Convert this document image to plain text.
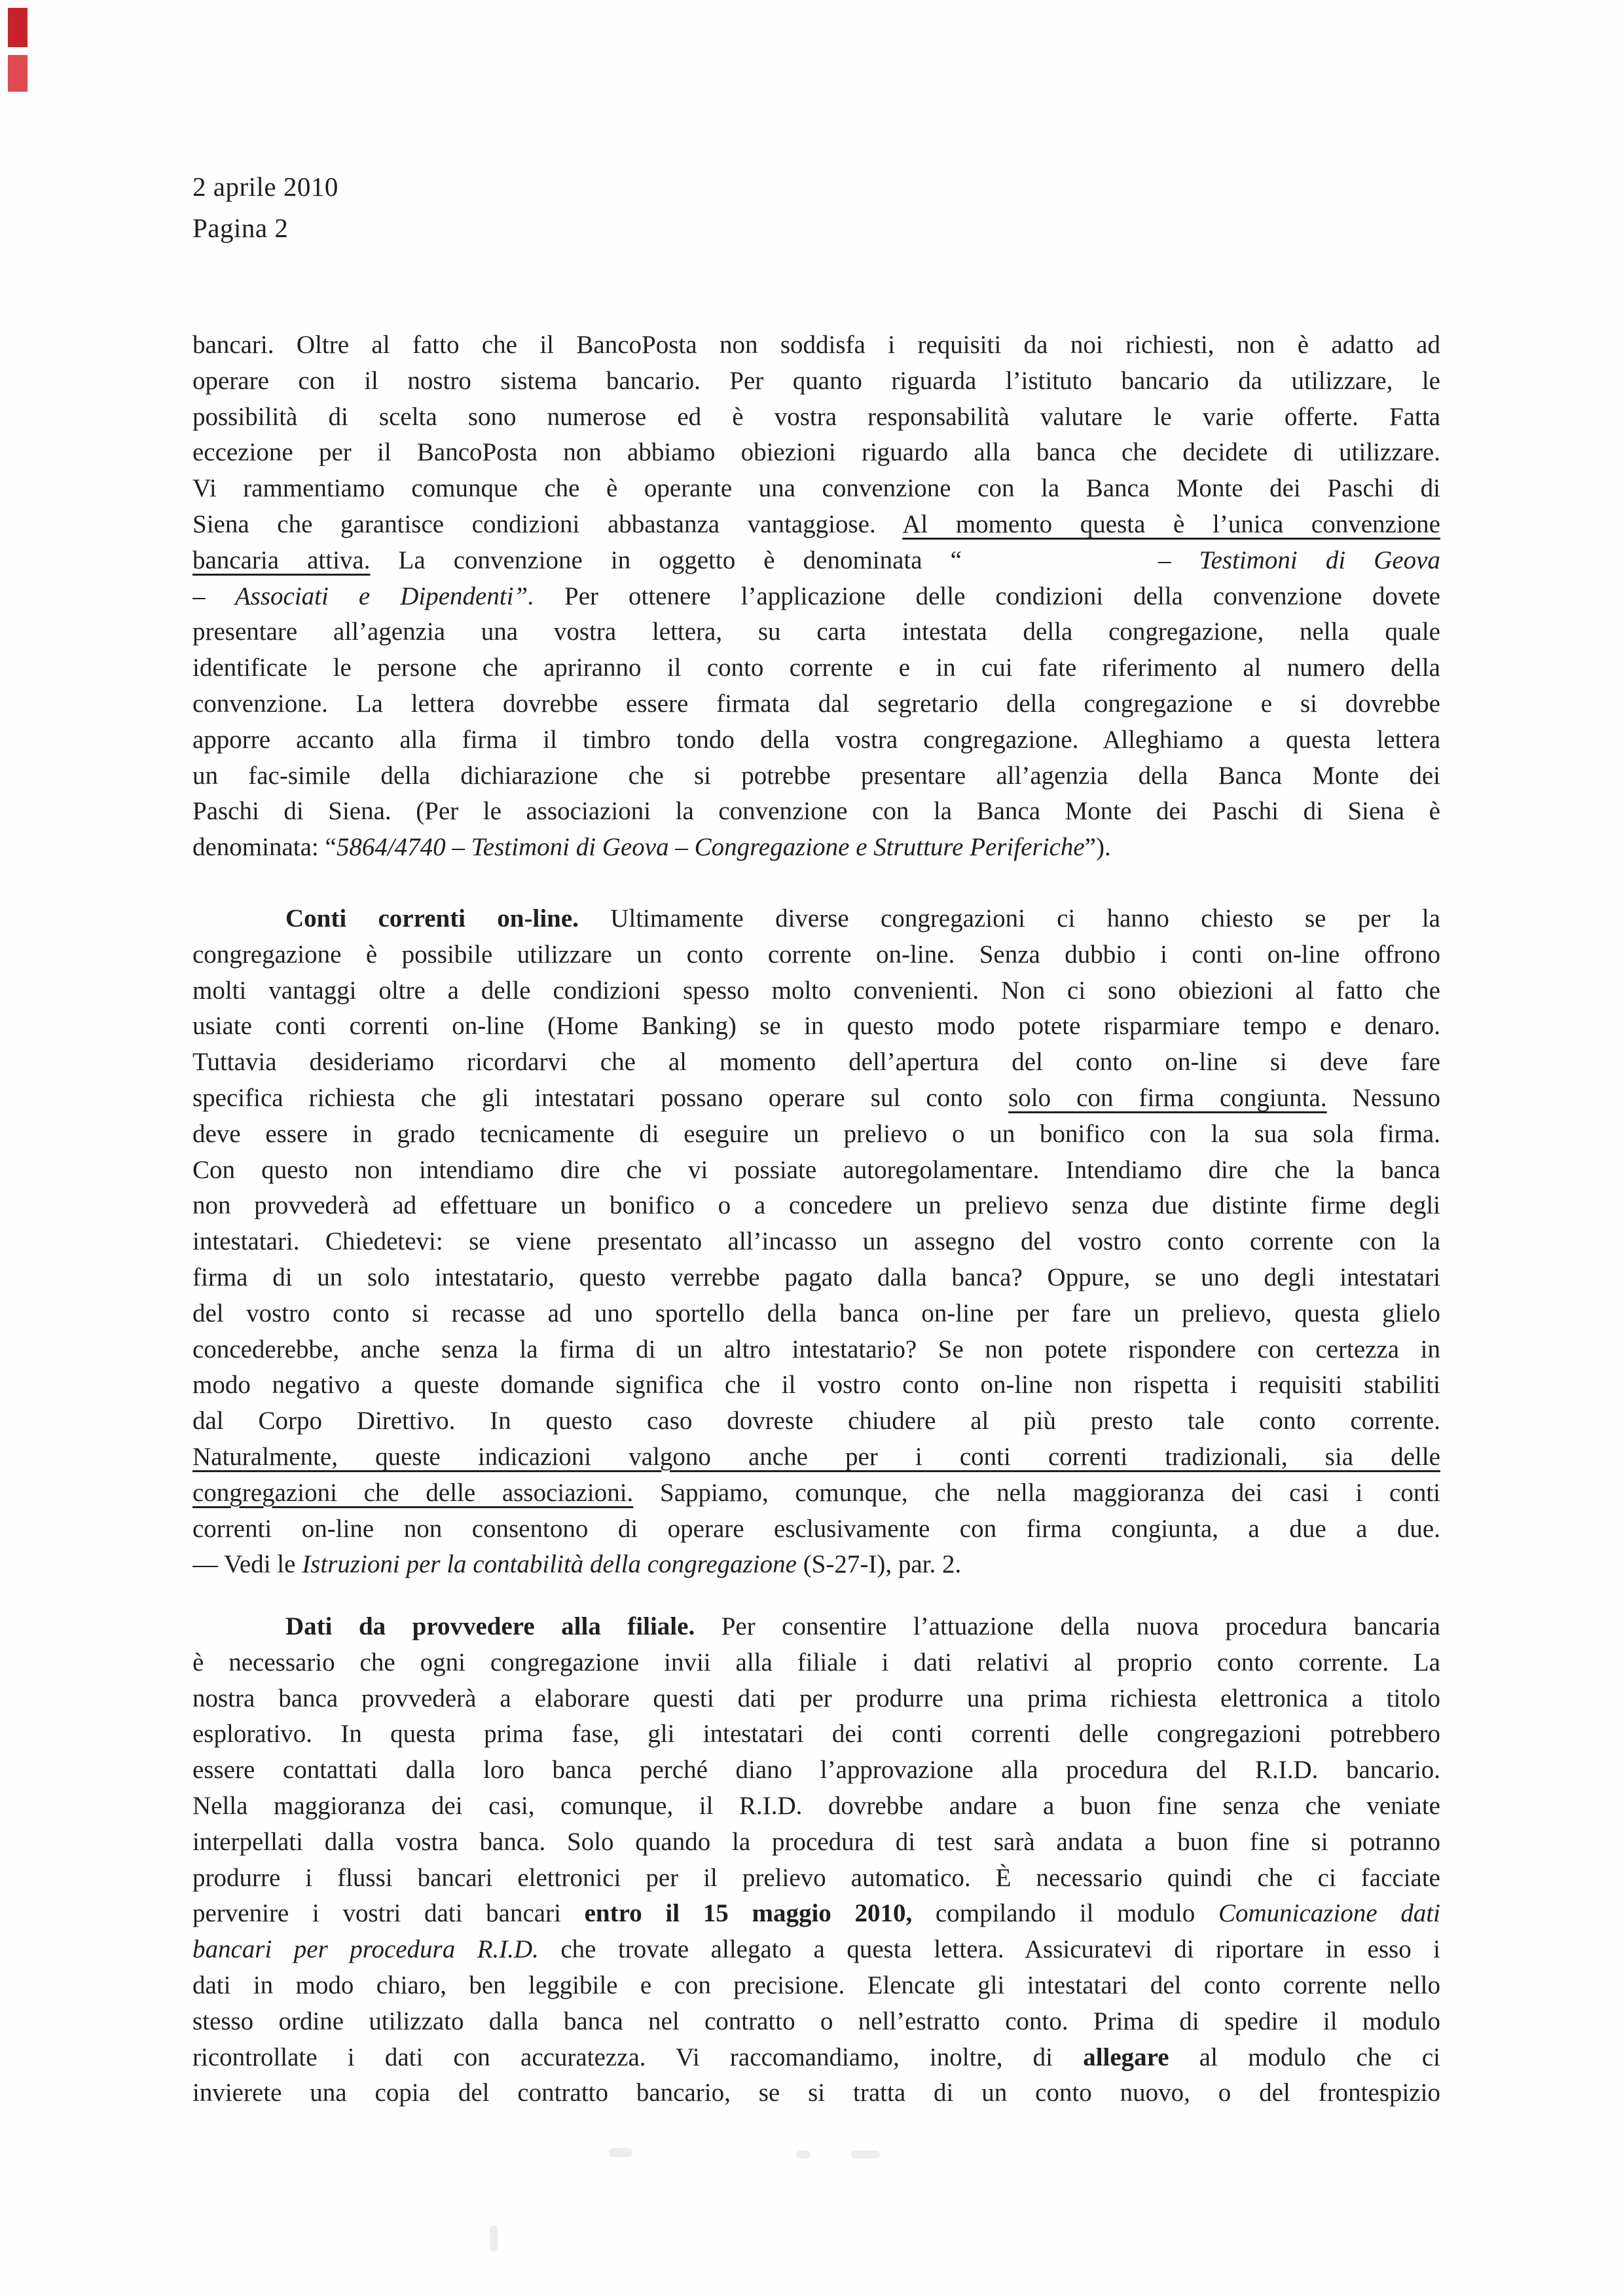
2 aprile 2010
Pagina 2
bancari. Oltre al fatto che il BancoPosta non soddisfa i requisiti da noi richiesti, non è adatto ad
operare con il nostro sistema bancario. Per quanto riguarda l’istituto bancario da utilizzare, le
possibilità di scelta sono numerose ed è vostra responsabilità valutare le varie offerte. Fatta
eccezione per il BancoPosta non abbiamo obiezioni riguardo alla banca che decidete di utilizzare.
Vi rammentiamo comunque che è operante una convenzione con la Banca Monte dei Paschi di
Siena che garantisce condizioni abbastanza vantaggiose. Al momento questa è l’unica convenzione
bancaria attiva. La convenzione in oggetto è denominata “	– Testimoni di Geova
– Associati e Dipendenti”. Per ottenere l’applicazione delle condizioni della convenzione dovete
presentare all’agenzia una vostra lettera, su carta intestata della congregazione, nella quale
identificate le persone che apriranno il conto corrente e in cui fate riferimento al numero della
convenzione. La lettera dovrebbe essere firmata dal segretario della congregazione e si dovrebbe
apporre accanto alla firma il timbro tondo della vostra congregazione. Alleghiamo a questa lettera
un fac-simile della dichiarazione che si potrebbe presentare all’agenzia della Banca Monte dei
Paschi di Siena. (Per le associazioni la convenzione con la Banca Monte dei Paschi di Siena è
denominata: “5864/4740 – Testimoni di Geova – Congregazione e Strutture Periferiche”).
Conti correnti on-line. Ultimamente diverse congregazioni ci hanno chiesto se per la
congregazione è possibile utilizzare un conto corrente on-line. Senza dubbio i conti on-line offrono
molti vantaggi oltre a delle condizioni spesso molto convenienti. Non ci sono obiezioni al fatto che
usiate conti correnti on-line (Home Banking) se in questo modo potete risparmiare tempo e denaro.
Tuttavia desideriamo ricordarvi che al momento dell’apertura del conto on-line si deve fare
specifica richiesta che gli intestatari possano operare sul conto solo con firma congiunta. Nessuno
deve essere in grado tecnicamente di eseguire un prelievo o un bonifico con la sua sola firma.
Con questo non intendiamo dire che vi possiate autoregolamentare. Intendiamo dire che la banca
non provvederà ad effettuare un bonifico o a concedere un prelievo senza due distinte firme degli
intestatari. Chiedetevi: se viene presentato all’incasso un assegno del vostro conto corrente con la
firma di un solo intestatario, questo verrebbe pagato dalla banca? Oppure, se uno degli intestatari
del vostro conto si recasse ad uno sportello della banca on-line per fare un prelievo, questa glielo
concederebbe, anche senza la firma di un altro intestatario? Se non potete rispondere con certezza in
modo negativo a queste domande significa che il vostro conto on-line non rispetta i requisiti stabiliti
dal Corpo Direttivo. In questo caso dovreste chiudere al più presto tale conto corrente.
Naturalmente, queste indicazioni valgono anche per i conti correnti tradizionali, sia delle
congregazioni che delle associazioni. Sappiamo, comunque, che nella maggioranza dei casi i conti
correnti on-line non consentono di operare esclusivamente con firma congiunta, a due a due.
— Vedi le Istruzioni per la contabilità della congregazione (S-27-I), par. 2.
Dati da provvedere alla filiale. Per consentire l’attuazione della nuova procedura bancaria
è necessario che ogni congregazione invii alla filiale i dati relativi al proprio conto corrente. La
nostra banca provvederà a elaborare questi dati per produrre una prima richiesta elettronica a titolo
esplorativo. In questa prima fase, gli intestatari dei conti correnti delle congregazioni potrebbero
essere contattati dalla loro banca perché diano l’approvazione alla procedura del R.I.D. bancario.
Nella maggioranza dei casi, comunque, il R.I.D. dovrebbe andare a buon fine senza che veniate
interpellati dalla vostra banca. Solo quando la procedura di test sarà andata a buon fine si potranno
produrre i flussi bancari elettronici per il prelievo automatico. È necessario quindi che ci facciate
pervenire i vostri dati bancari entro il 15 maggio 2010, compilando il modulo Comunicazione dati
bancari per procedura R.I.D. che trovate allegato a questa lettera. Assicuratevi di riportare in esso i
dati in modo chiaro, ben leggibile e con precisione. Elencate gli intestatari del conto corrente nello
stesso ordine utilizzato dalla banca nel contratto o nell’estratto conto. Prima di spedire il modulo
ricontrollate i dati con accuratezza. Vi raccomandiamo, inoltre, di allegare al modulo che ci
invierete una copia del contratto bancario, se si tratta di un conto nuovo, o del frontespizio
